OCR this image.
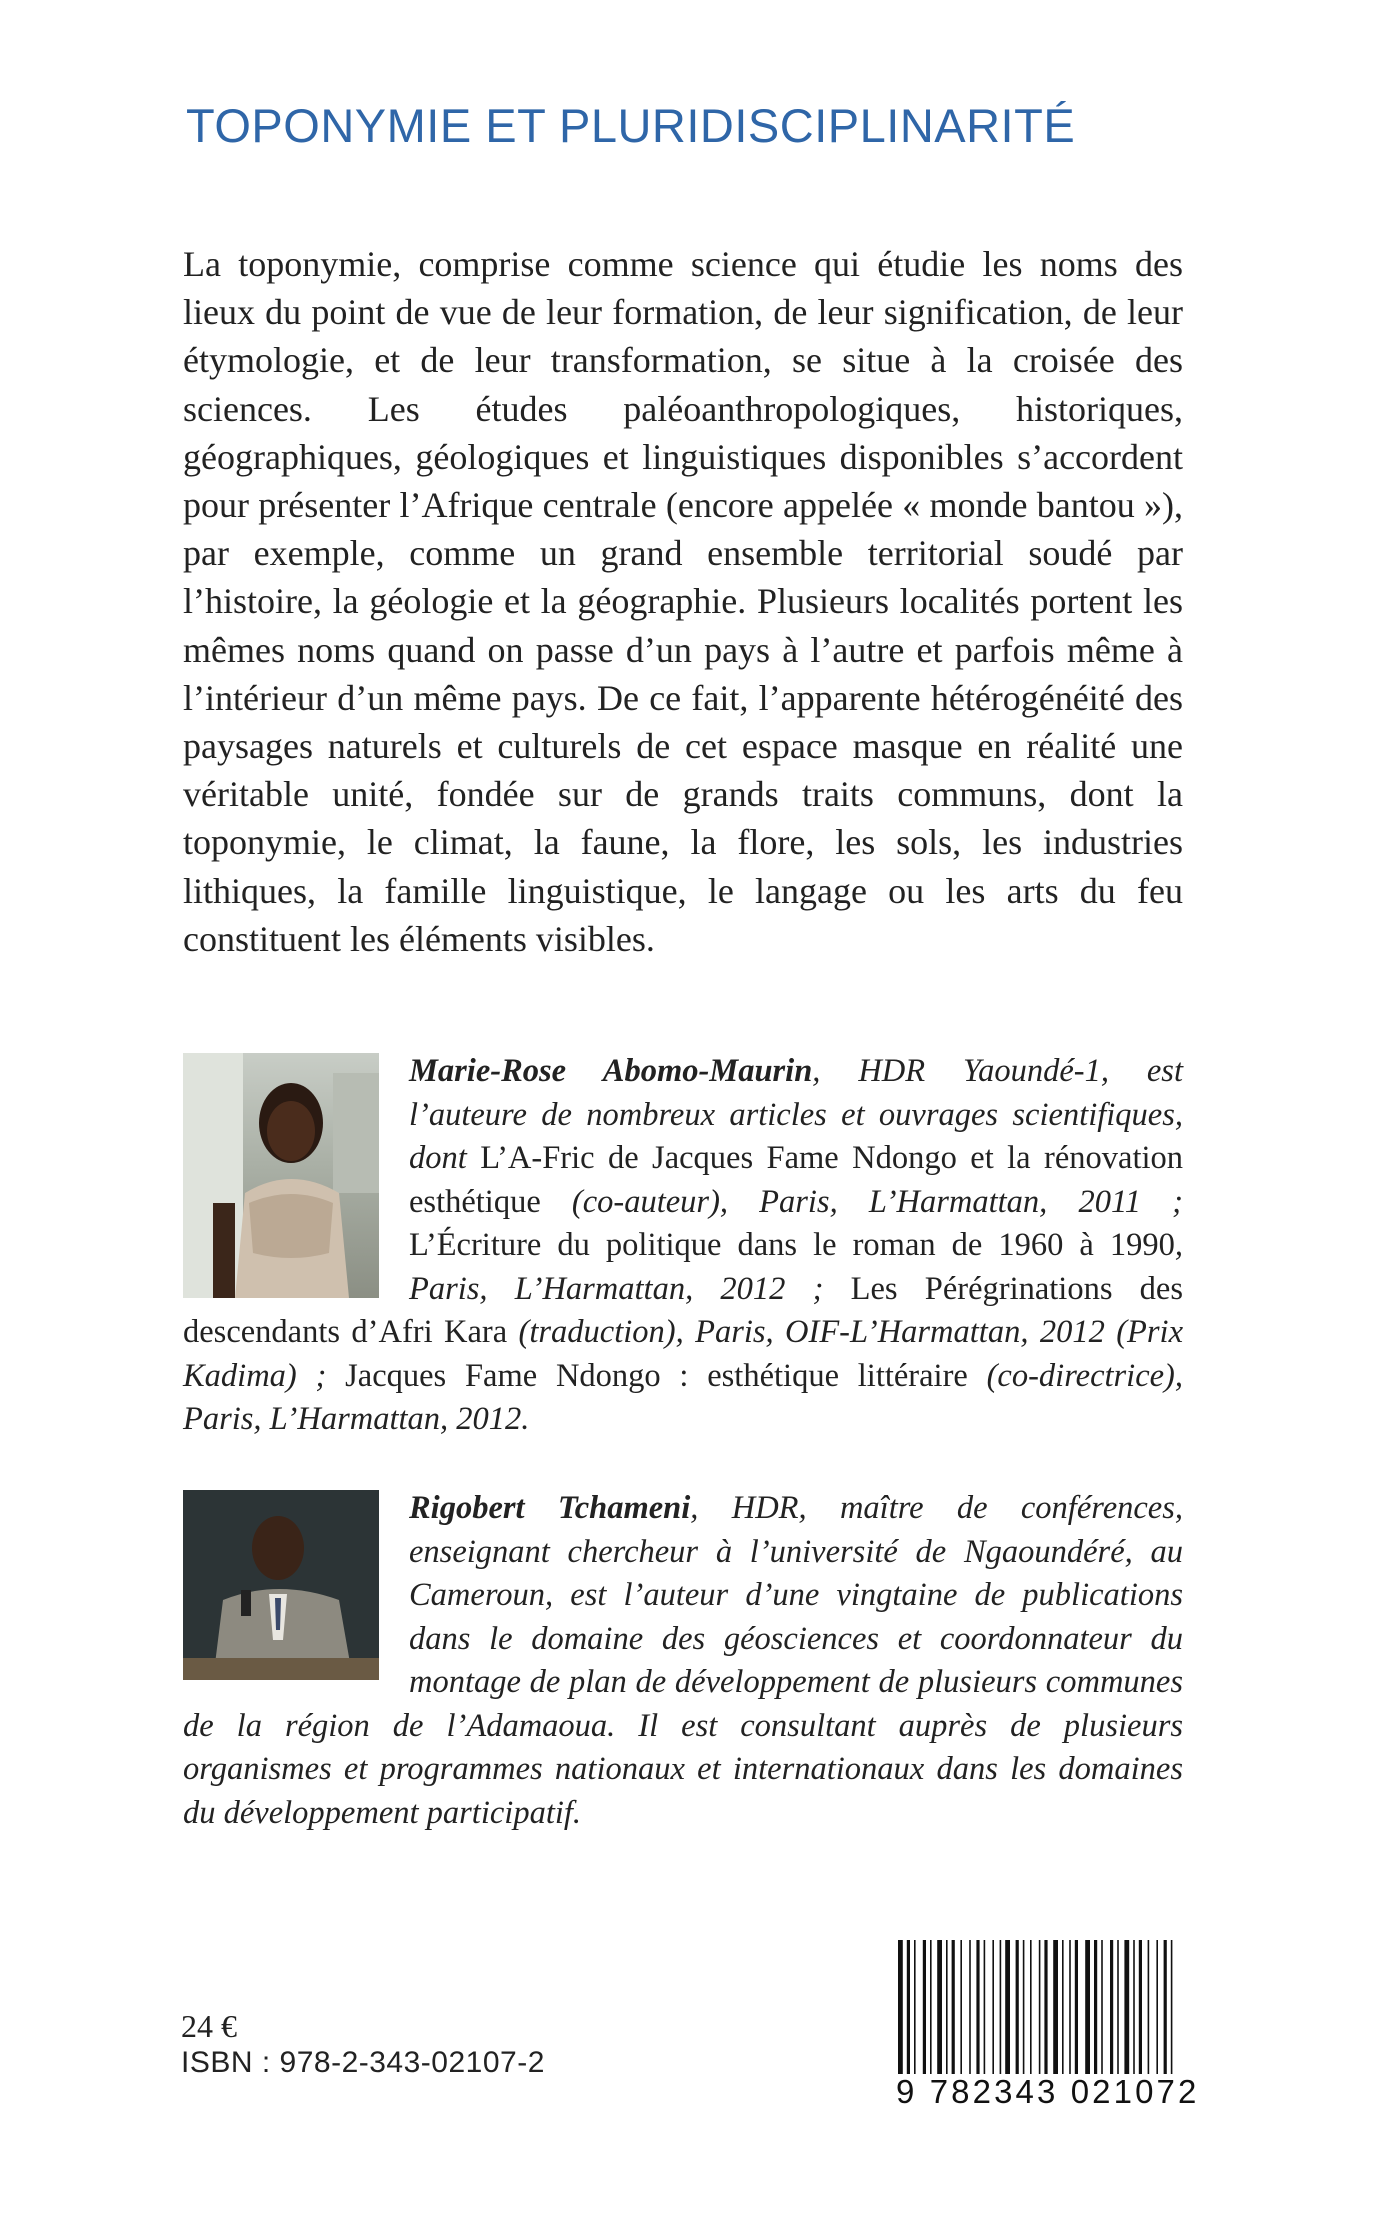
TOPONYMIE ET PLURIDISCIPLINARITÉ

La toponymie, comprise comme science qui étudie les noms des lieux du point de vue de leur formation, de leur signification, de leur étymologie, et de leur transformation, se situe à la croisée des sciences. Les études paléoanthropologiques, historiques, géographiques, géologiques et linguistiques disponibles s’accordent pour présenter l’Afrique centrale (encore appelée « monde bantou »), par exemple, comme un grand ensemble territorial soudé par l’histoire, la géologie et la géographie. Plusieurs localités portent les mêmes noms quand on passe d’un pays à l’autre et parfois même à l’intérieur d’un même pays. De ce fait, l’apparente hétérogénéité des paysages naturels et culturels de cet espace masque en réalité une véritable unité, fondée sur de grands traits communs, dont la toponymie, le climat, la faune, la flore, les sols, les industries lithiques, la famille linguistique, le langage ou les arts du feu constituent les éléments visibles.

Marie-Rose Abomo-Maurin, HDR Yaoundé-1, est l’auteure de nombreux articles et ouvrages scientifiques, dont L’A-Fric de Jacques Fame Ndongo et la rénovation esthétique (co-auteur), Paris, L’Harmattan, 2011 ; L’Écriture du politique dans le roman de 1960 à 1990, Paris, L’Harmattan, 2012 ; Les Pérégrinations des descendants d’Afri Kara (traduction), Paris, OIF-L’Harmattan, 2012 (Prix Kadima) ; Jacques Fame Ndongo : esthétique littéraire (co-directrice), Paris, L’Harmattan, 2012.

Rigobert Tchameni, HDR, maître de conférences, enseignant chercheur à l’université de Ngaoundéré, au Cameroun, est l’auteur d’une vingtaine de publications dans le domaine des géosciences et coordonnateur du montage de plan de développement de plusieurs communes de la région de l’Adamaoua. Il est consultant auprès de plusieurs organismes et programmes nationaux et internationaux dans les domaines du développement participatif.

24 €
ISBN : 978-2-343-02107-2
9 782343 021072
